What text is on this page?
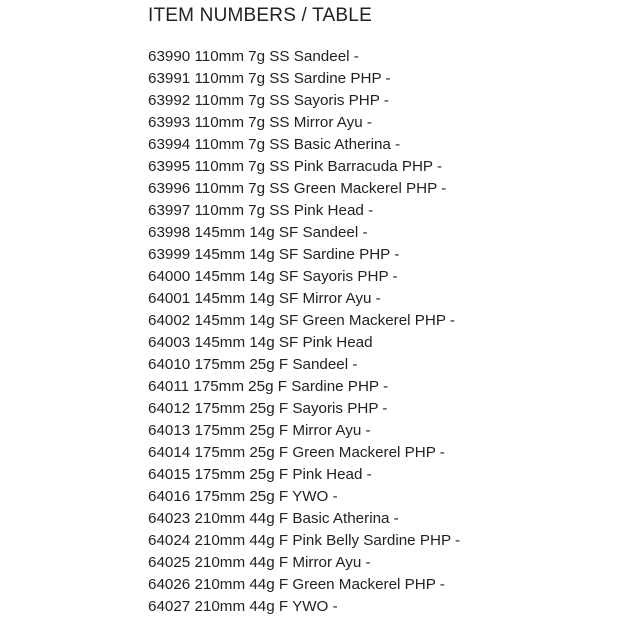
ITEM NUMBERS / TABLE
63990 110mm 7g SS Sandeel -
63991 110mm 7g SS Sardine PHP -
63992 110mm 7g SS Sayoris PHP -
63993 110mm 7g SS Mirror Ayu -
63994 110mm 7g SS Basic Atherina -
63995 110mm 7g SS Pink Barracuda PHP -
63996 110mm 7g SS Green Mackerel PHP -
63997 110mm 7g SS Pink Head -
63998 145mm 14g SF Sandeel -
63999 145mm 14g SF Sardine PHP -
64000 145mm 14g SF Sayoris PHP -
64001 145mm 14g SF Mirror Ayu -
64002 145mm 14g SF Green Mackerel PHP -
64003 145mm 14g SF Pink Head
64010 175mm 25g F Sandeel -
64011 175mm 25g F Sardine PHP -
64012 175mm 25g F Sayoris PHP -
64013 175mm 25g F Mirror Ayu -
64014 175mm 25g F Green Mackerel PHP -
64015 175mm 25g F Pink Head -
64016 175mm 25g F YWO -
64023 210mm 44g F Basic Atherina -
64024 210mm 44g F Pink Belly Sardine PHP -
64025 210mm 44g F Mirror Ayu -
64026 210mm 44g F Green Mackerel PHP -
64027 210mm 44g F YWO -
